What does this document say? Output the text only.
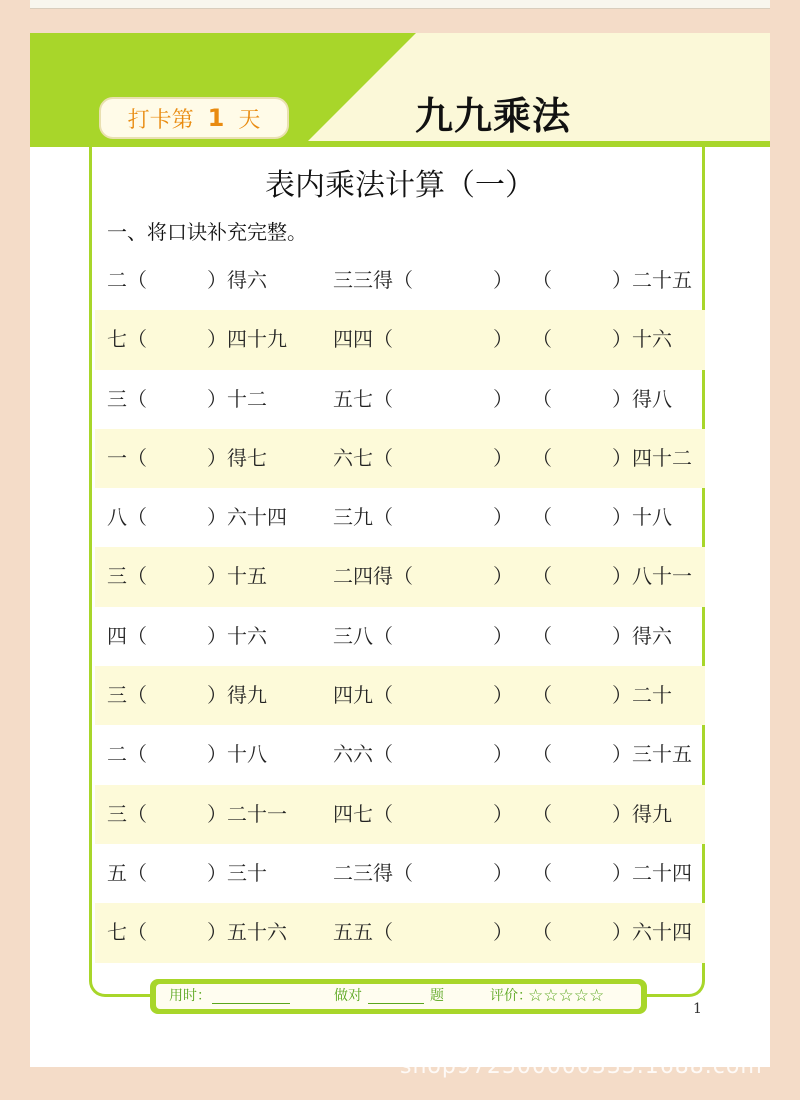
打卡第 1 天	九九乘法
表内乘法计算（一）
一、将口诀补充完整。
二（　　　）得六	三三得（　　　　） （　　　）二十五
七（　　　）四十九 四四（　　　　　） （　　　）十六
三（　　　）十二	五七（　　　　　） （　　　）得八
一（　　　）得七	六七（　　　　　） （　　　）四十二
八（　　　）六十四 三九（　　　　　） （　　　）十八
三（　　　）十五	二四得（　　　　） （　　　）八十一
四（　　　）十六	三八（　　　　　） （　　　）得六
三（　　　）得九	四九（　　　　　） （　　　）二十
二（　　　）十八	六六（　　　　　） （　　　）三十五
三（　　　）二十一 四七（　　　　　） （　　　）得九
五（　　　）三十	二三得（　　　　） （　　　）二十四
七（　　　）五十六 五五（　　　　　） （　　　）六十四
用时：	做对	题	评价：
☆☆☆☆☆
1
shop972300000333.1688.com
